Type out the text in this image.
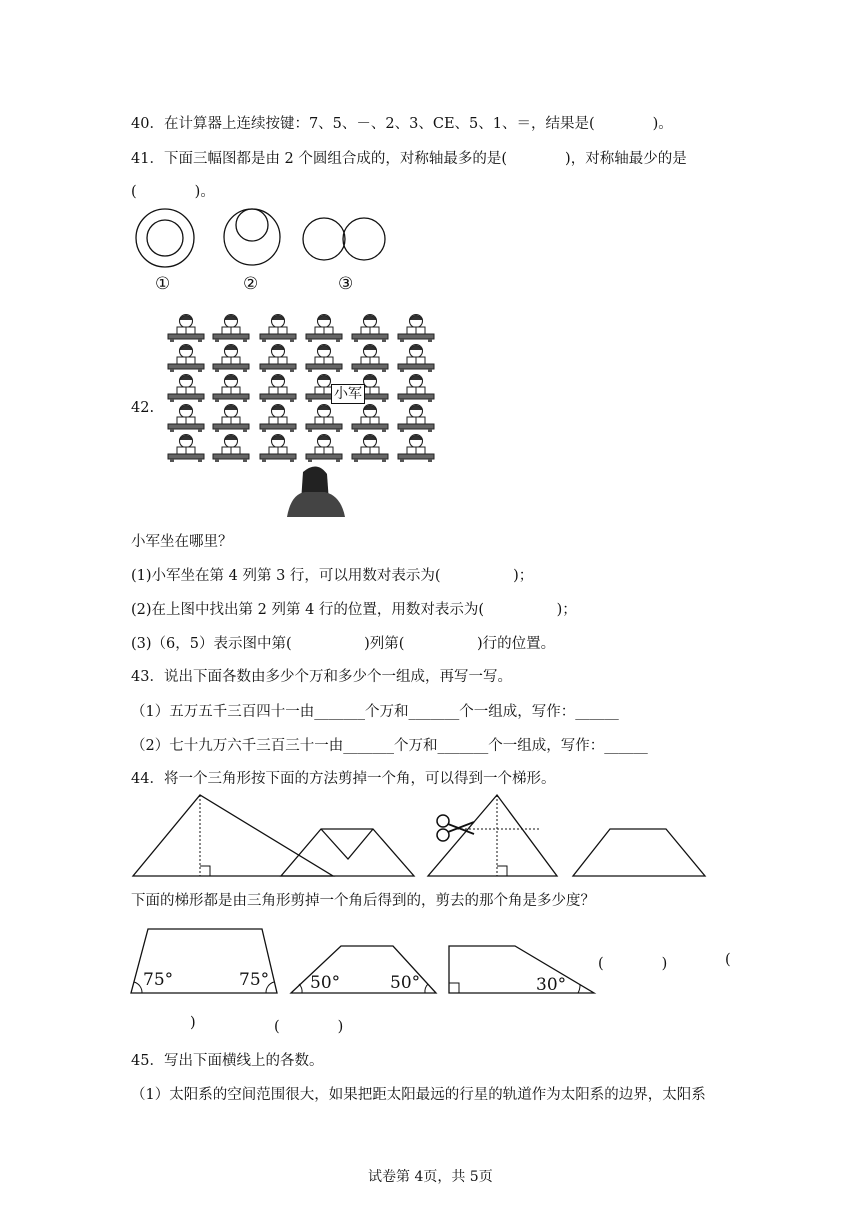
40．在计算器上连续按键：7、5、－、2、3、CE、5、1、＝，结果是(　　　　)。
41．下面三幅图都是由 2 个圆组合成的，对称轴最多的是(　　　　)，对称轴最少的是
(　　　　)。
①	②	③
42.
小军
小军坐在哪里？
(1)小军坐在第 4 列第 3 行，可以用数对表示为(　　　　　)；
(2)在上图中找出第 2 列第 4 行的位置，用数对表示为(　　　　　)；
(3)（6，5）表示图中第(　　　　　)列第(　　　　　)行的位置。
43．说出下面各数由多少个万和多少个一组成，再写一写。
（1）五万五千三百四十一由_______个万和_______个一组成，写作：______
（2）七十九万六千三百三十一由_______个万和_______个一组成，写作：______
44．将一个三角形按下面的方法剪掉一个角，可以得到一个梯形。
下面的梯形都是由三角形剪掉一个角后得到的，剪去的那个角是多少度？
75°	75° 50°	50°	30°
(　　　　)	(
)	(　　　　)
45．写出下面横线上的各数。
（1）太阳系的空间范围很大，如果把距太阳最远的行星的轨道作为太阳系的边界，太阳系
试卷第 4页，共 5页
